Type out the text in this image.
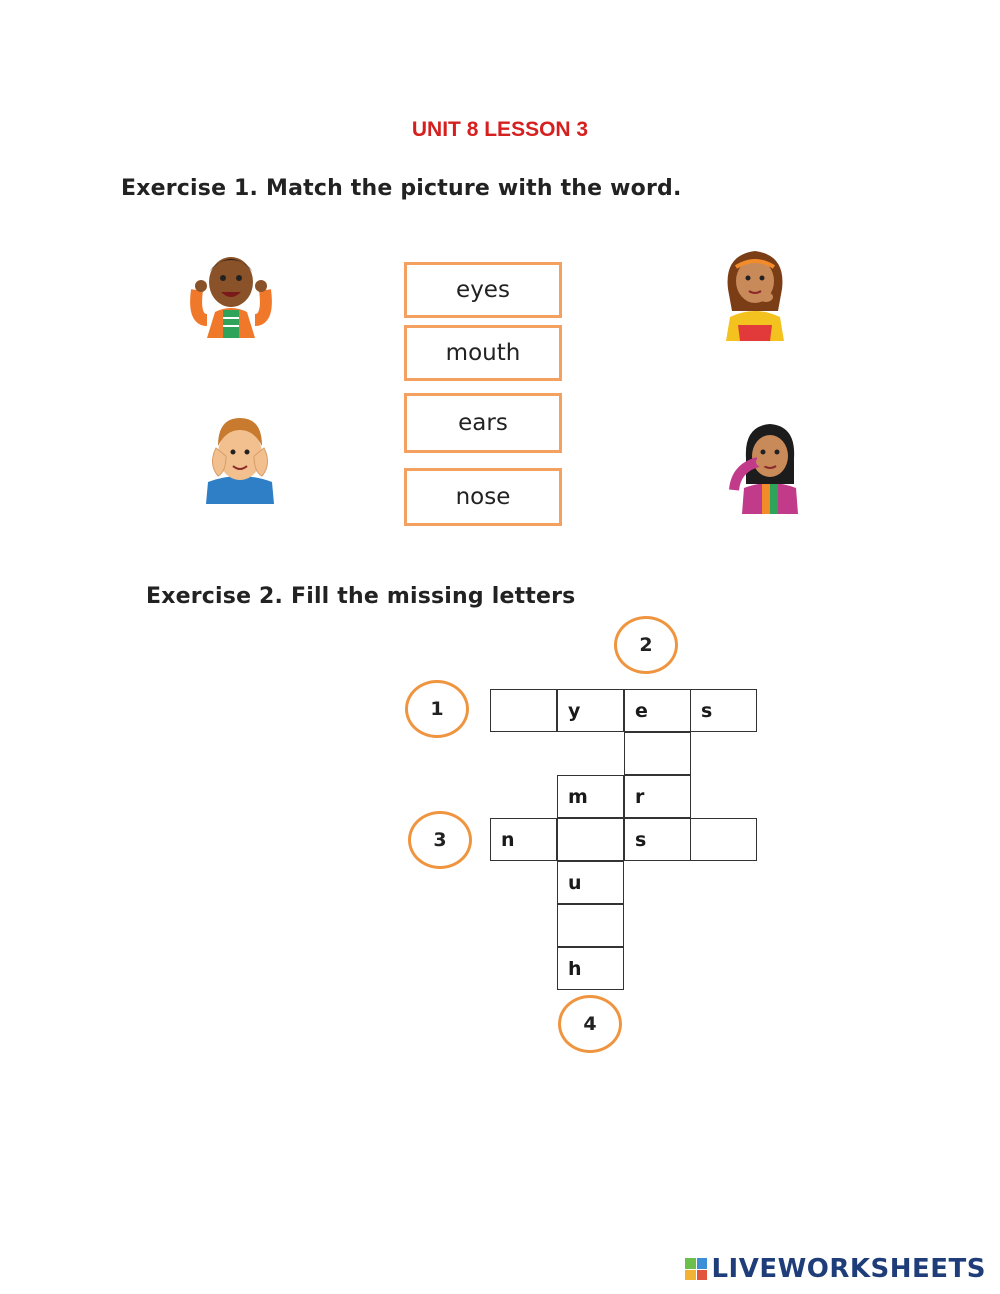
UNIT 8 LESSON 3
Exercise 1. Match the picture with the word.
eyes
mouth
ears
nose
Exercise 2. Fill the missing letters
y	e	s
r
m
n	s
u
h
2
1
3
4
LIVEWORKSHEETS
